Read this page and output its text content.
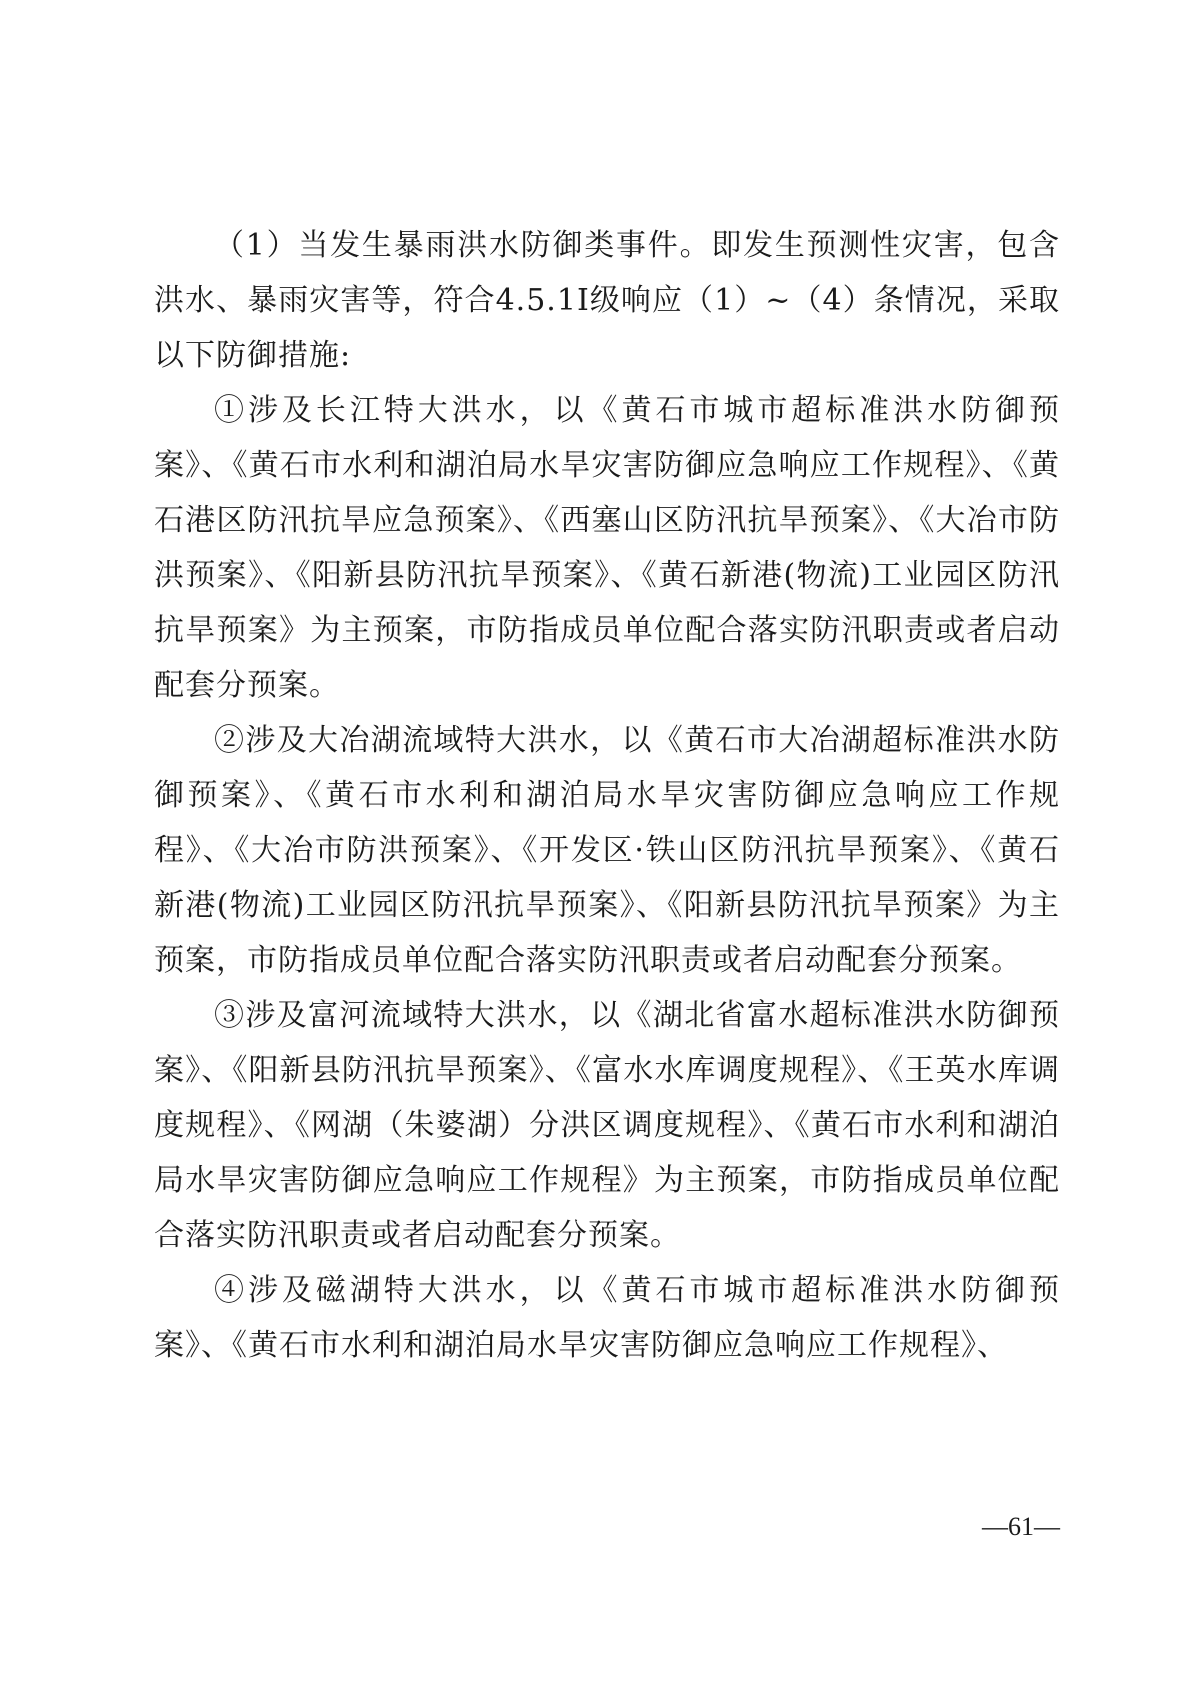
（1）当发生暴雨洪水防御类事件。即发生预测性灾害，包含洪水、暴雨灾害等，符合4.5.1Ⅰ级响应（1）~（4）条情况，采取以下防御措施:

①涉及长江特大洪水，以《黄石市城市超标准洪水防御预案》、《黄石市水利和湖泊局水旱灾害防御应急响应工作规程》、《黄石港区防汛抗旱应急预案》、《西塞山区防汛抗旱预案》、《大冶市防洪预案》、《阳新县防汛抗旱预案》、《黄石新港(物流)工业园区防汛抗旱预案》为主预案，市防指成员单位配合落实防汛职责或者启动配套分预案。

②涉及大冶湖流域特大洪水，以《黄石市大冶湖超标准洪水防御预案》、《黄石市水利和湖泊局水旱灾害防御应急响应工作规程》、《大冶市防洪预案》、《开发区·铁山区防汛抗旱预案》、《黄石新港(物流)工业园区防汛抗旱预案》、《阳新县防汛抗旱预案》为主预案，市防指成员单位配合落实防汛职责或者启动配套分预案。

③涉及富河流域特大洪水，以《湖北省富水超标准洪水防御预案》、《阳新县防汛抗旱预案》、《富水水库调度规程》、《王英水库调度规程》、《网湖（朱婆湖）分洪区调度规程》、《黄石市水利和湖泊局水旱灾害防御应急响应工作规程》为主预案，市防指成员单位配合落实防汛职责或者启动配套分预案。

④涉及磁湖特大洪水，以《黄石市城市超标准洪水防御预案》、《黄石市水利和湖泊局水旱灾害防御应急响应工作规程》、

—61—
